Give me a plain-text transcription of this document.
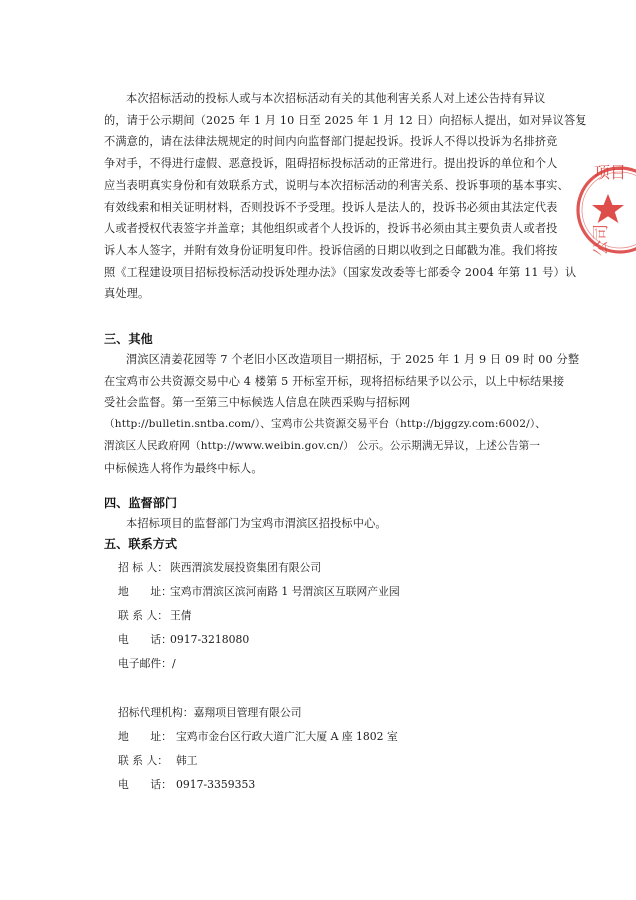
本次招标活动的投标人或与本次招标活动有关的其他利害关系人对上述公告持有异议
的，请于公示期间（2025 年 1 月 10 日至 2025 年 1 月 12 日）向招标人提出，如对异议答复
不满意的，请在法律法规规定的时间内向监督部门提起投诉。投诉人不得以投诉为名排挤竞
争对手，不得进行虚假、恶意投诉，阻碍招标投标活动的正常进行。提出投诉的单位和个人
应当表明真实身份和有效联系方式，说明与本次招标活动的利害关系、投诉事项的基本事实、
有效线索和相关证明材料，否则投诉不予受理。投诉人是法人的，投诉书必须由其法定代表
人或者授权代表签字并盖章；其他组织或者个人投诉的，投诉书必须由其主要负责人或者投
诉人本人签字，并附有效身份证明复印件。投诉信函的日期以收到之日邮戳为准。我们将按
照《工程建设项目招标投标活动投诉处理办法》（国家发改委等七部委令 2004 年第 11 号）认
真处理。
三、其他
渭滨区清姜花园等 7 个老旧小区改造项目一期招标，于 2025 年 1 月 9 日 09 时 00 分整
在宝鸡市公共资源交易中心 4 楼第 5 开标室开标，现将招标结果予以公示，以上中标结果接
受社会监督。第一至第三中标候选人信息在陕西采购与招标网
（http://bulletin.sntba.com/）、宝鸡市公共资源交易平台（http://bjggzy.com:6002/）、
渭滨区人民政府网（http://www.weibin.gov.cn/） 公示。公示期满无异议，上述公告第一
中标候选人将作为最终中标人。
四、监督部门
本招标项目的监督部门为宝鸡市渭滨区招投标中心。
五、联系方式
招 标 人： 陕西渭滨发展投资集团有限公司
地　　址：宝鸡市渭滨区滨河南路 1 号渭滨区互联网产业园
联 系 人： 王倩
电　　话：0917-3218080
电子邮件：/
招标代理机构：嘉翔项目管理有限公司
地　　址： 宝鸡市金台区行政大道广汇大厦 A 座 1802 室
联 系 人： 韩工
电　　话： 0917-3359353
项目
公司
